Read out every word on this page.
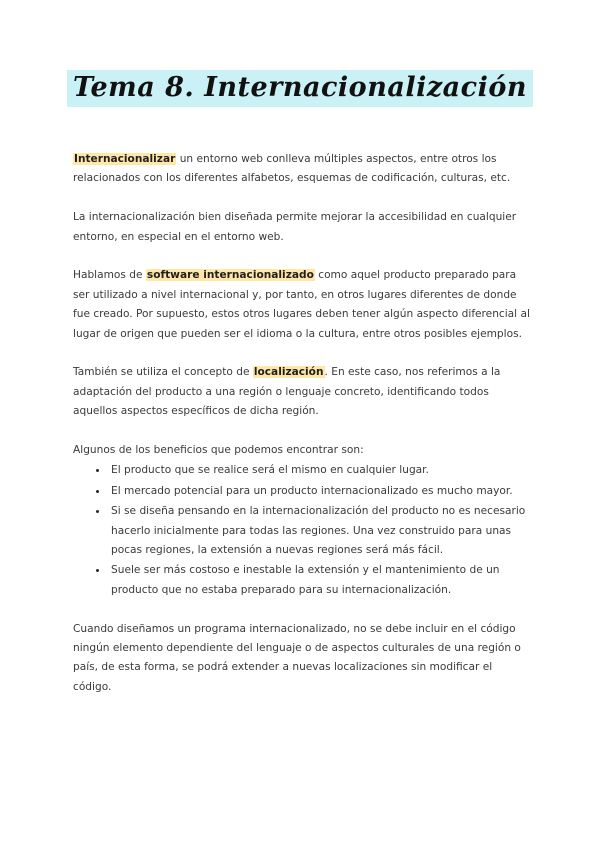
Tema 8. Internacionalización

Internacionalizar un entorno web conlleva múltiples aspectos, entre otros los relacionados con los diferentes alfabetos, esquemas de codificación, culturas, etc.

La internacionalización bien diseñada permite mejorar la accesibilidad en cualquier entorno, en especial en el entorno web.

Hablamos de software internacionalizado como aquel producto preparado para ser utilizado a nivel internacional y, por tanto, en otros lugares diferentes de donde fue creado. Por supuesto, estos otros lugares deben tener algún aspecto diferencial al lugar de origen que pueden ser el idioma o la cultura, entre otros posibles ejemplos.

También se utiliza el concepto de localización. En este caso, nos referimos a la adaptación del producto a una región o lenguaje concreto, identificando todos aquellos aspectos específicos de dicha región.

Algunos de los beneficios que podemos encontrar son:

• El producto que se realice será el mismo en cualquier lugar.
• El mercado potencial para un producto internacionalizado es mucho mayor.
• Si se diseña pensando en la internacionalización del producto no es necesario hacerlo inicialmente para todas las regiones. Una vez construido para unas pocas regiones, la extensión a nuevas regiones será más fácil.
• Suele ser más costoso e inestable la extensión y el mantenimiento de un producto que no estaba preparado para su internacionalización.

Cuando diseñamos un programa internacionalizado, no se debe incluir en el código ningún elemento dependiente del lenguaje o de aspectos culturales de una región o país, de esta forma, se podrá extender a nuevas localizaciones sin modificar el código.
